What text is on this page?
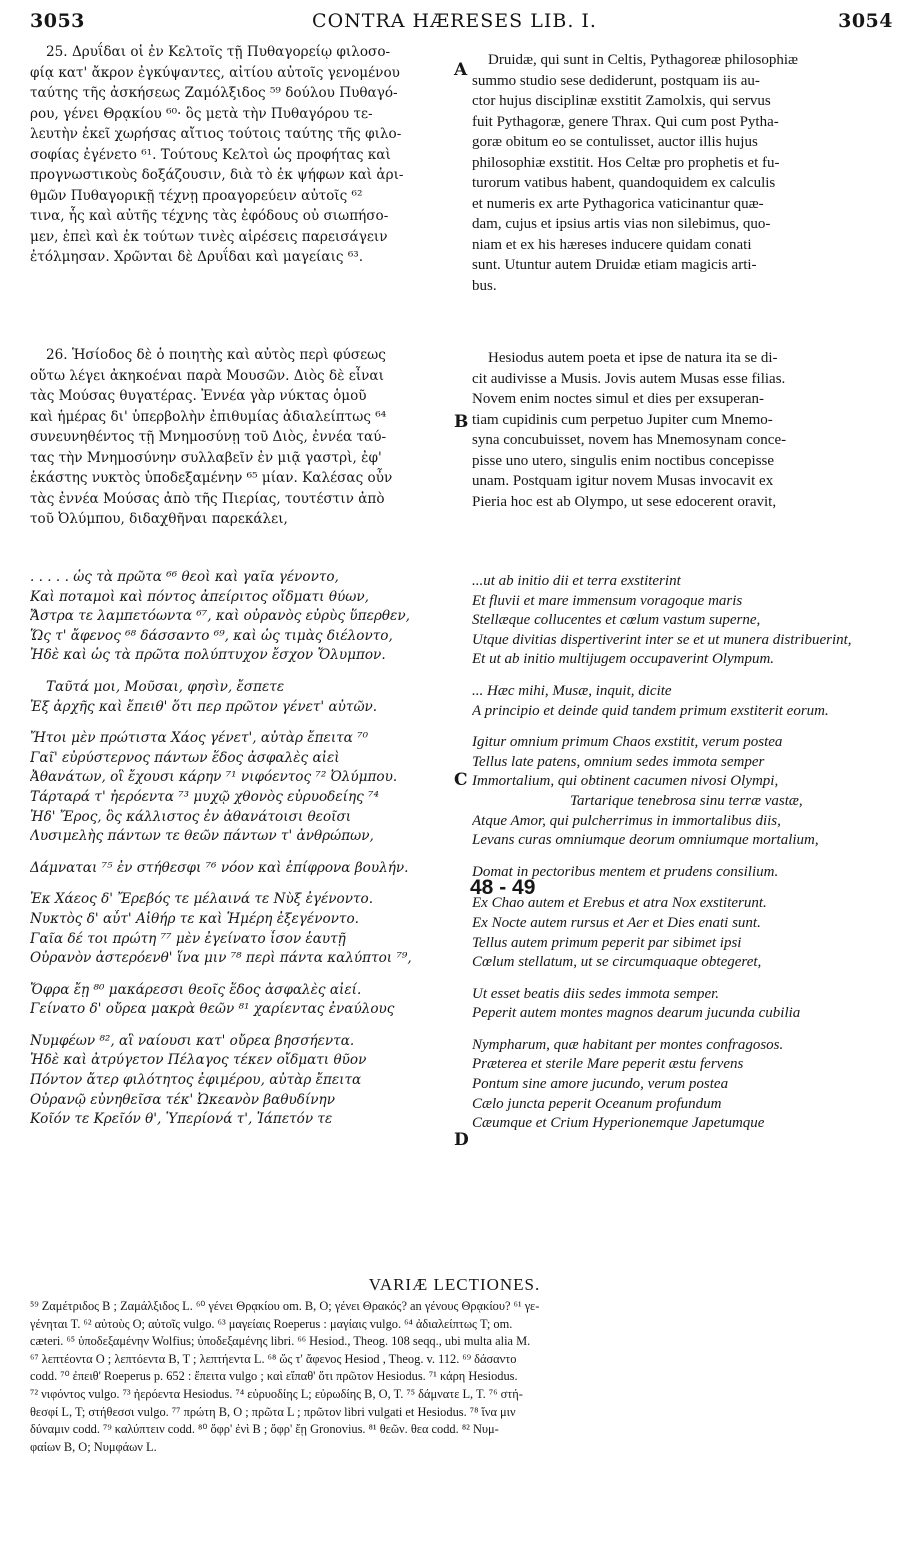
3053	CONTRA HÆRESES LIB. I.	3054
25. Δρυΐδαι οἱ ἐν Κελτοῖς τῇ Πυθαγορείῳ φιλοσο-
φίᾳ κατ' ἄκρον ἐγκύψαντες, αἰτίου αὐτοῖς γενομένου
ταύτης τῆς ἀσκήσεως Ζαμόλξιδος ⁵⁹ δούλου Πυθαγό-
ρου, γένει Θρᾳκίου ⁶⁰· ὃς μετὰ τὴν Πυθαγόρου τε-
λευτὴν ἐκεῖ χωρήσας αἴτιος τούτοις ταύτης τῆς φιλο-
σοφίας ἐγένετο ⁶¹. Τούτους Κελτοὶ ὡς προφήτας καὶ
προγνωστικοὺς δοξάζουσιν, διὰ τὸ ἐκ ψήφων καὶ ἀρι-
θμῶν Πυθαγορικῇ τέχνῃ προαγορεύειν αὐτοῖς ⁶²
τινα, ἧς καὶ αὐτῆς τέχνης τὰς ἐφόδους οὐ σιωπήσο-
μεν, ἐπεὶ καὶ ἐκ τούτων τινὲς αἱρέσεις παρεισάγειν
ἐτόλμησαν. Χρῶνται δὲ Δρυΐδαι καὶ μαγείαις ⁶³.
Druidæ, qui sunt in Celtis, Pythagoreæ philosophiæ
summo studio sese dediderunt, postquam iis au-
ctor hujus disciplinæ exstitit Zamolxis, qui servus
fuit Pythagoræ, genere Thrax. Qui cum post Pytha-
goræ obitum eo se contulisset, auctor illis hujus
philosophiæ exstitit. Hos Celtæ pro prophetis et fu-
turorum vatibus habent, quandoquidem ex calculis
et numeris ex arte Pythagorica vaticinantur quæ-
dam, cujus et ipsius artis vias non silebimus, quo-
niam et ex his hæreses inducere quidam conati
sunt. Utuntur autem Druidæ etiam magicis arti-
bus.
26. Ἡσίοδος δὲ ὁ ποιητὴς καὶ αὐτὸς περὶ φύσεως
οὕτω λέγει ἀκηκοέναι παρὰ Μουσῶν. Διὸς δὲ εἶναι
τὰς Μούσας θυγατέρας. Ἐννέα γὰρ νύκτας ὁμοῦ
καὶ ἡμέρας δι' ὑπερβολὴν ἐπιθυμίας ἀδιαλείπτως ⁶⁴
συνευνηθέντος τῇ Μνημοσύνῃ τοῦ Διὸς, ἐννέα ταύ-
τας τὴν Μνημοσύνην συλλαβεῖν ἐν μιᾷ γαστρὶ, ἐφ'
ἑκάστης νυκτὸς ὑποδεξαμένην ⁶⁵ μίαν. Καλέσας οὖν
τὰς ἐννέα Μούσας ἀπὸ τῆς Πιερίας, τουτέστιν ἀπὸ
τοῦ Ὀλύμπου, διδαχθῆναι παρεκάλει,
Hesiodus autem poeta et ipse de natura ita se di-
cit audivisse a Musis. Jovis autem Musas esse filias.
Novem enim noctes simul et dies per exsuperan-
tiam cupidinis cum perpetuo Jupiter cum Mnemo-
syna concubuisset, novem has Mnemosynam conce-
pisse uno utero, singulis enim noctibus concepisse
unam. Postquam igitur novem Musas invocavit ex
Pieria hoc est ab Olympo, ut sese edocerent oravit,
. . . . . ὡς τὰ πρῶτα ⁶⁶ θεοὶ καὶ γαῖα γένοντο,
Καὶ ποταμοὶ καὶ πόντος ἀπείριτος οἴδματι θύων,
Ἄστρα τε λαμπετόωντα ⁶⁷, καὶ οὐρανὸς εὐρὺς ὕπερθεν,
Ὥς τ' ἄφενος ⁶⁸ δάσσαντο ⁶⁹, καὶ ὡς τιμὰς διέλοντο,
Ἠδὲ καὶ ὡς τὰ πρῶτα πολύπτυχον ἔσχον Ὄλυμπον.
Ταῦτά μοι, Μοῦσαι, φησὶν, ἔσπετε
Ἐξ ἀρχῆς καὶ ἔπειθ' ὅτι περ πρῶτον γένετ' αὐτῶν.
Ἤτοι μὲν πρώτιστα Χάος γένετ', αὐτὰρ ἔπειτα ⁷⁰
Γαῖ' εὐρύστερνος πάντων ἕδος ἀσφαλὲς αἰεὶ
Ἀθανάτων, οἳ ἔχουσι κάρην ⁷¹ νιφόεντος ⁷² Ὀλύμπου.
Τάρταρά τ' ἠερόεντα ⁷³ μυχῷ χθονὸς εὐρυοδείης ⁷⁴
Ἠδ' Ἔρος, ὃς κάλλιστος ἐν ἀθανάτοισι θεοῖσι
Λυσιμελὴς πάντων τε θεῶν πάντων τ' ἀνθρώπων,
Δάμναται ⁷⁵ ἐν στήθεσφι ⁷⁶ νόον καὶ ἐπίφρονα βουλήν.
Ἐκ Χάεος δ' Ἔρεβός τε μέλαινά τε Νὺξ ἐγένοντο.
Νυκτὸς δ' αὖτ' Αἰθήρ τε καὶ Ἡμέρη ἐξεγένοντο.
Γαῖα δέ τοι πρώτη ⁷⁷ μὲν ἐγείνατο ἶσον ἑαυτῇ
Οὐρανὸν ἀστερόενθ' ἵνα μιν ⁷⁸ περὶ πάντα καλύπτοι ⁷⁹,
Ὄφρα ἔῃ ⁸⁰ μακάρεσσι θεοῖς ἕδος ἀσφαλὲς αἰεί.
Γείνατο δ' οὔρεα μακρὰ θεῶν ⁸¹ χαρίεντας ἐναύλους
Νυμφέων ⁸², αἳ ναίουσι κατ' οὔρεα βησσήεντα.
Ἠδὲ καὶ ἀτρύγετον Πέλαγος τέκεν οἴδματι θῦον
Πόντον ἄτερ φιλότητος ἐφιμέρου, αὐτὰρ ἔπειτα
Οὐρανῷ εὐνηθεῖσα τέκ' Ὠκεανὸν βαθυδίνην
Κοῖόν τε Κρεῖόν θ', Ὑπερίονά τ', Ἰάπετόν τε
...ut ab initio dii et terra exstiterint
Et fluvii et mare immensum voragoque maris
Stellæque collucentes et cœlum vastum superne,
Utque divitias dispertiverint inter se et ut munera distribuerint,
Et ut ab initio multijugem occupaverint Olympum.
... Hæc mihi, Musæ, inquit, dicite
A principio et deinde quid tandem primum exstiterit eorum.
Igitur omnium primum Chaos exstitit, verum postea
Tellus late patens, omnium sedes immota semper
Immortalium, qui obtinent cacumen nivosi Olympi,
Tartarique tenebrosa sinu terræ vastæ,
Atque Amor, qui pulcherrimus in immortalibus diis,
Levans curas omniumque deorum omniumque mortalium,
Domat in pectoribus mentem et prudens consilium.
Ex Chao autem et Erebus et atra Nox exstiterunt.
Ex Nocte autem rursus et Aer et Dies enati sunt.
Tellus autem primum peperit par sibimet ipsi
Cœlum stellatum, ut se circumquaque obtegeret,
Ut esset beatis diis sedes immota semper.
Peperit autem montes magnos dearum jucunda cubilia
Nympharum, quæ habitant per montes confragosos.
Præterea et sterile Mare peperit æstu fervens
Pontum sine amore jucundo, verum postea
Cælo juncta peperit Oceanum profundum
Cæumque et Crium Hyperionemque Japetumque
A
B
C
D
48 - 49
VARIÆ LECTIONES.
⁵⁹ Ζαμέτριδος B ; Ζαμάλξιδος L. ⁶⁰ γένει Θρᾳκίου om. B, O; γένει Θρακός? an γένους Θρᾳκίου? ⁶¹ γε-
γένηται T. ⁶² αὐτοὺς O; αὐτοῖς vulgo. ⁶³ μαγείαις Roeperus : μαγίαις vulgo. ⁶⁴ ἀδιαλείπτως T; om.
cæteri. ⁶⁵ ὑποδεξαμένην Wolfius; ὑποδεξαμένης libri. ⁶⁶ Hesiod., Theog. 108 seqq., ubi multa alia M.
⁶⁷ λεπτέοντα O ; λεπτόεντα B, T ; λεπτήεντα L. ⁶⁸ ὥς τ' ἄφενος Hesiod , Theog. v. 112. ⁶⁹ δάσαντο
codd. ⁷⁰ ἐπειθ' Roeperus p. 652 : ἔπειτα vulgo ; καὶ εἴπαθ' ὅτι πρῶτον Hesiodus. ⁷¹ κάρη Hesiodus.
⁷² νιφόντος vulgo. ⁷³ ἠερόεντα Hesiodus. ⁷⁴ εὐρυοδίης L; εὐρωδίης B, O, T. ⁷⁵ δάμνατε L, T. ⁷⁶ στή-
θεσφί L, T; στήθεσσι vulgo. ⁷⁷ πρώτη B, O ; πρῶτα L ; πρῶτον libri vulgati et Hesiodus. ⁷⁸ ἵνα μιν
δύναμιν codd. ⁷⁹ καλύπτειν codd. ⁸⁰ ὄφρ' ἐνὶ B ; ὄφρ' ἔῃ Gronovius. ⁸¹ θεῶν. θεα codd. ⁸² Νυμ-
φαίων B, O; Νυμφάων L.
